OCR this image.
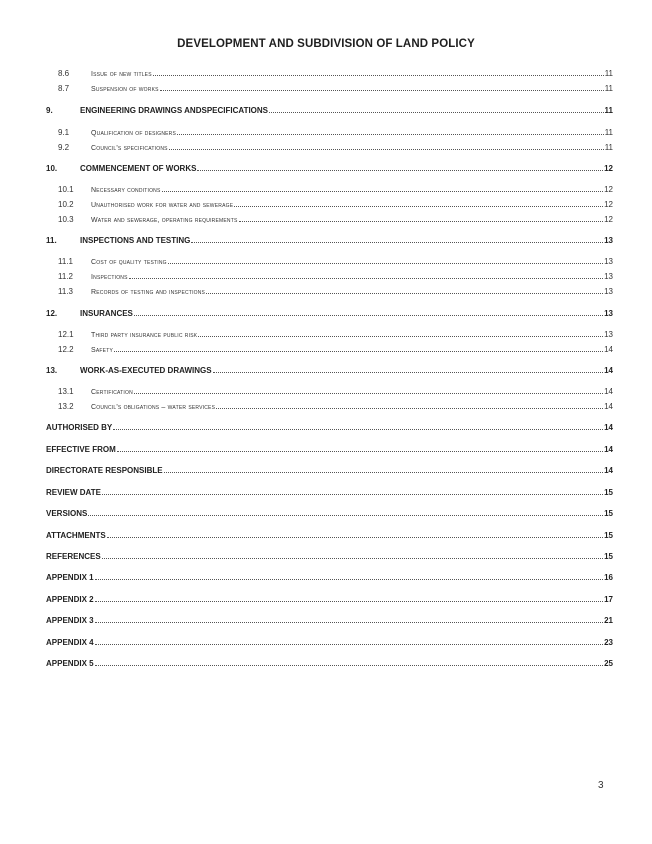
DEVELOPMENT AND SUBDIVISION OF LAND POLICY
8.6	Issue of new titles	11
8.7	Suspension of works	11
9.	ENGINEERING DRAWINGS ANDSPECIFICATIONS	11
9.1	Qualification of designers	11
9.2	Council's specifications	11
10.	COMMENCEMENT OF WORKS	12
10.1	Necessary conditions	12
10.2	Unauthorised work for water and sewerage	12
10.3	Water and sewerage, operating requirements	12
11.	INSPECTIONS AND TESTING	13
11.1	Cost of quality testing	13
11.2	Inspections	13
11.3	Records of testing and inspections	13
12.	INSURANCES	13
12.1	Third party insurance public risk	13
12.2	Safety	14
13.	WORK-AS-EXECUTED DRAWINGS	14
13.1	Certification	14
13.2	Council's obligations – water services	14
AUTHORISED BY	14
EFFECTIVE FROM	14
DIRECTORATE RESPONSIBLE	14
REVIEW DATE	15
VERSIONS	15
ATTACHMENTS	15
REFERENCES	15
APPENDIX 1	16
APPENDIX 2	17
APPENDIX 3	21
APPENDIX 4	23
APPENDIX 5	25
3
